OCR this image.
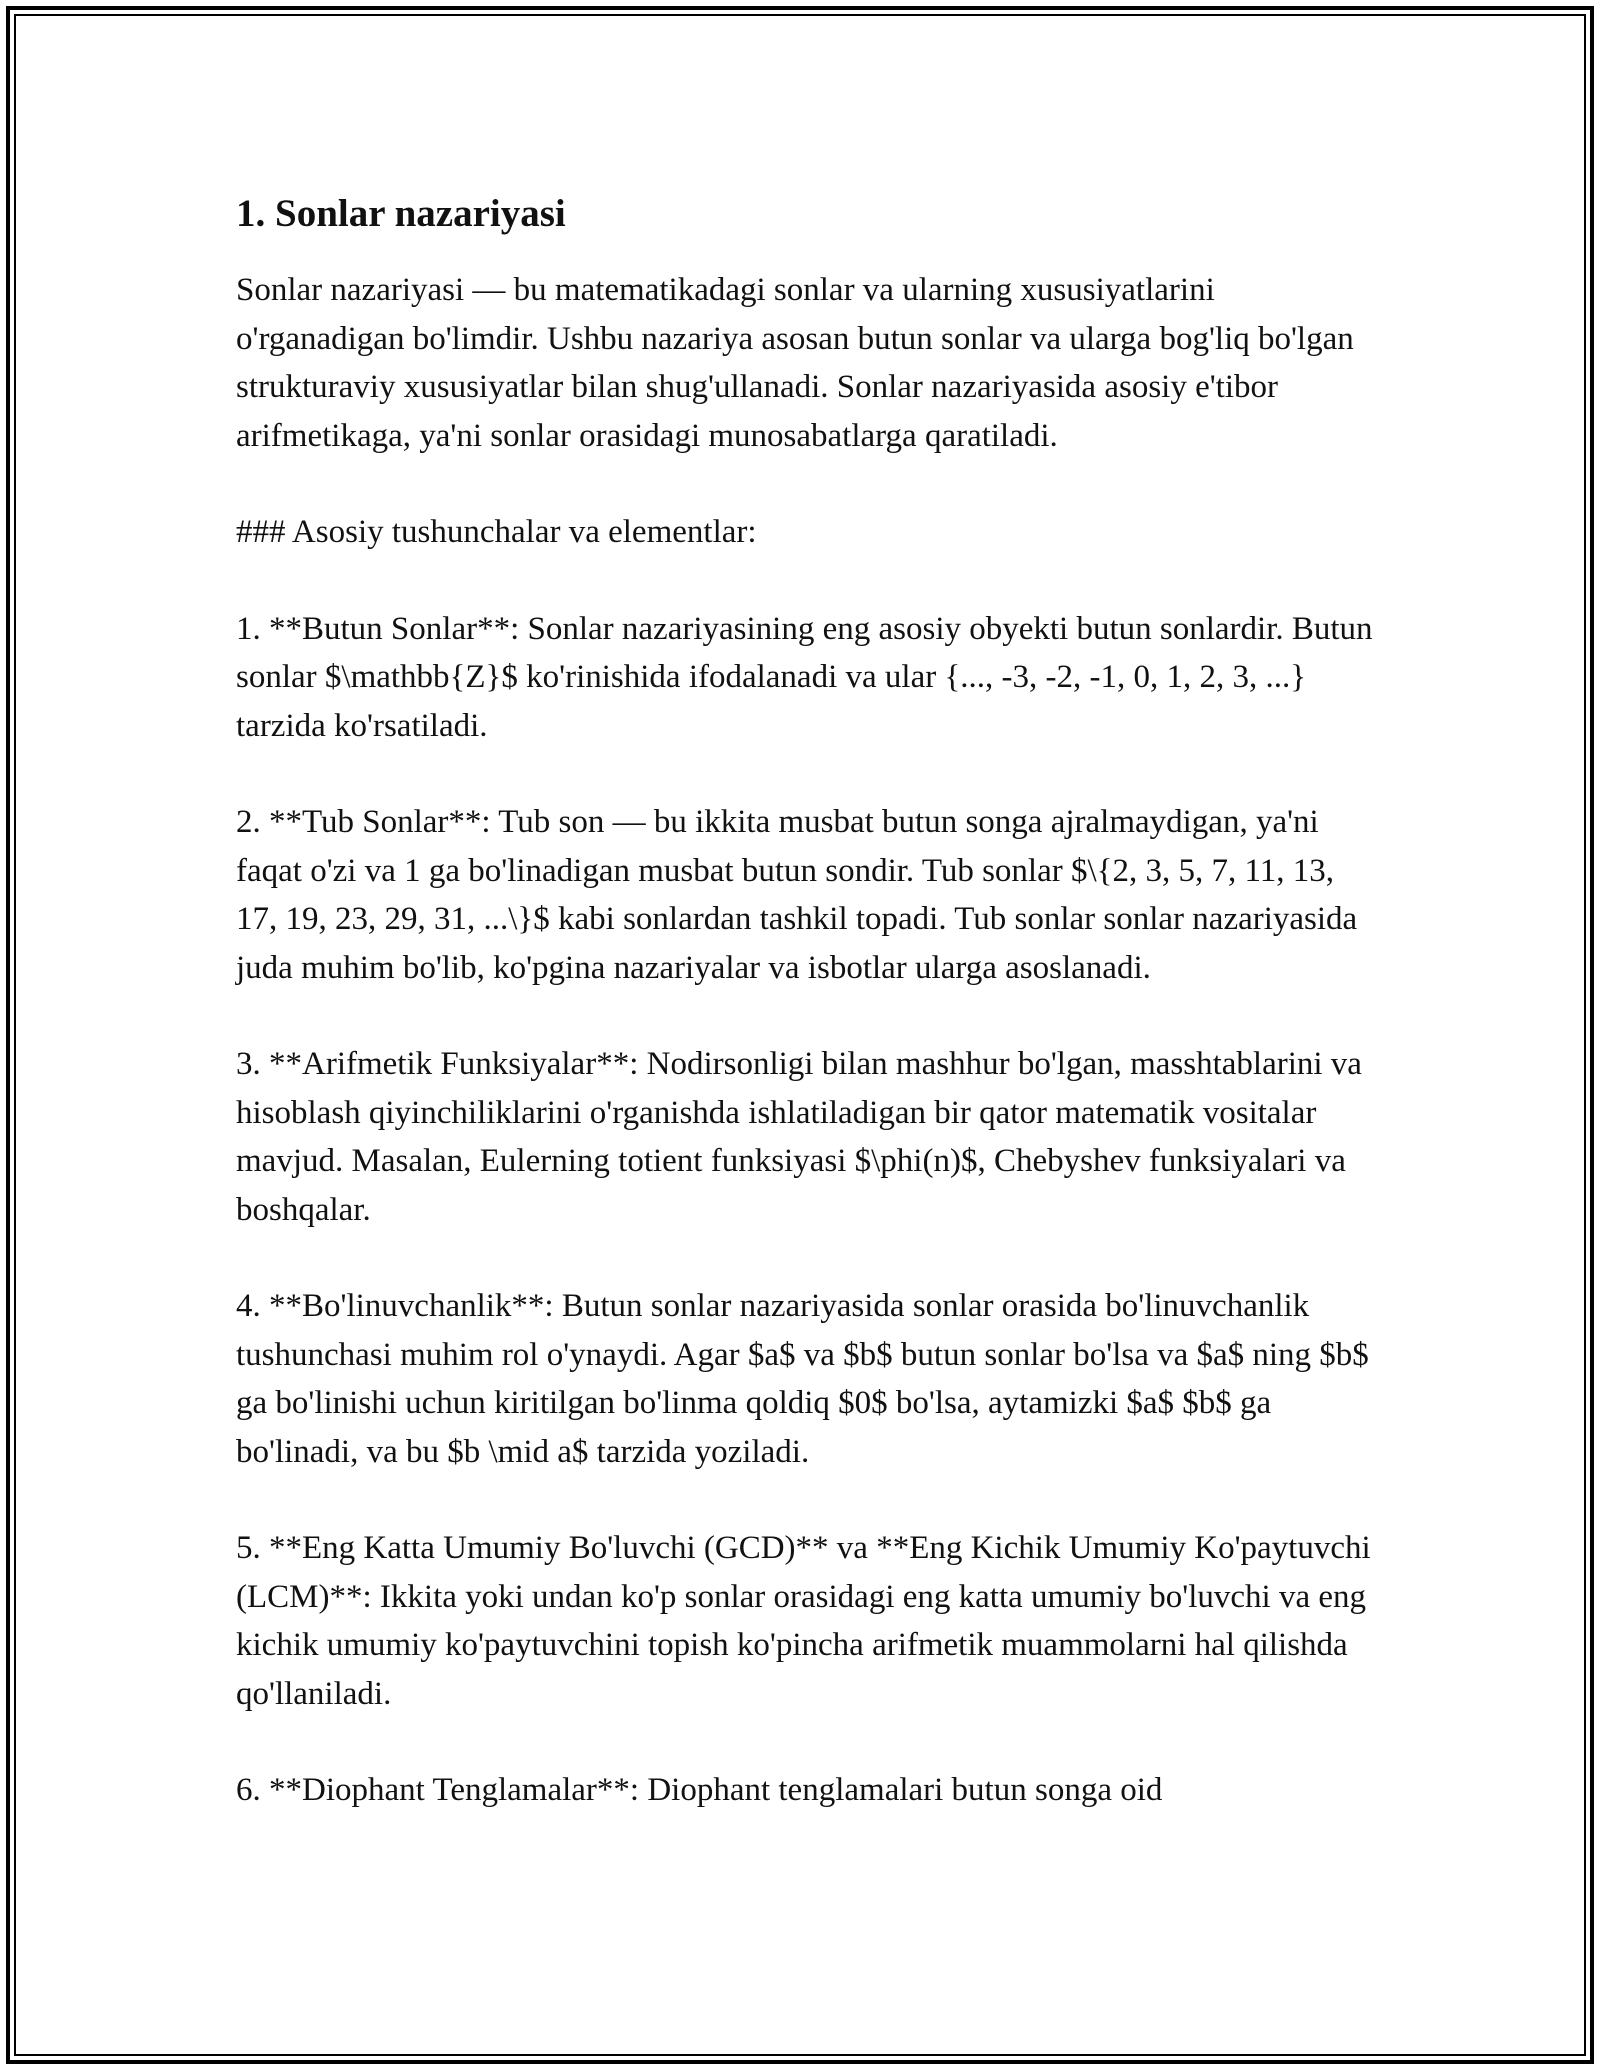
1. Sonlar nazariyasi

Sonlar nazariyasi — bu matematikadagi sonlar va ularning xususiyatlarini o'rganadigan bo'limdir. Ushbu nazariya asosan butun sonlar va ularga bog'liq bo'lgan strukturaviy xususiyatlar bilan shug'ullanadi. Sonlar nazariyasida asosiy e'tibor arifmetikaga, ya'ni sonlar orasidagi munosabatlarga qaratiladi.

### Asosiy tushunchalar va elementlar:

1. **Butun Sonlar**: Sonlar nazariyasining eng asosiy obyekti butun sonlardir. Butun sonlar $\mathbb{Z}$ ko'rinishida ifodalanadi va ular {..., -3, -2, -1, 0, 1, 2, 3, ...} tarzida ko'rsatiladi.

2. **Tub Sonlar**: Tub son — bu ikkita musbat butun songa ajralmaydigan, ya'ni faqat o'zi va 1 ga bo'linadigan musbat butun sondir. Tub sonlar $\{2, 3, 5, 7, 11, 13, 17, 19, 23, 29, 31, ...\}$ kabi sonlardan tashkil topadi. Tub sonlar sonlar nazariyasida juda muhim bo'lib, ko'pgina nazariyalar va isbotlar ularga asoslanadi.

3. **Arifmetik Funksiyalar**: Nodirsonligi bilan mashhur bo'lgan, masshtablarini va hisoblash qiyinchiliklarini o'rganishda ishlatiladigan bir qator matematik vositalar mavjud. Masalan, Eulerning totient funksiyasi $\phi(n)$, Chebyshev funksiyalari va boshqalar.

4. **Bo'linuvchanlik**: Butun sonlar nazariyasida sonlar orasida bo'linuvchanlik tushunchasi muhim rol o'ynaydi. Agar $a$ va $b$ butun sonlar bo'lsa va $a$ ning $b$ ga bo'linishi uchun kiritilgan bo'linma qoldiq $0$ bo'lsa, aytamizki $a$ $b$ ga bo'linadi, va bu $b \mid a$ tarzida yoziladi.

5. **Eng Katta Umumiy Bo'luvchi (GCD)** va **Eng Kichik Umumiy Ko'paytuvchi (LCM)**: Ikkita yoki undan ko'p sonlar orasidagi eng katta umumiy bo'luvchi va eng kichik umumiy ko'paytuvchini topish ko'pincha arifmetik muammolarni hal qilishda qo'llaniladi.

6. **Diophant Tenglamalar**: Diophant tenglamalari butun songa oid
